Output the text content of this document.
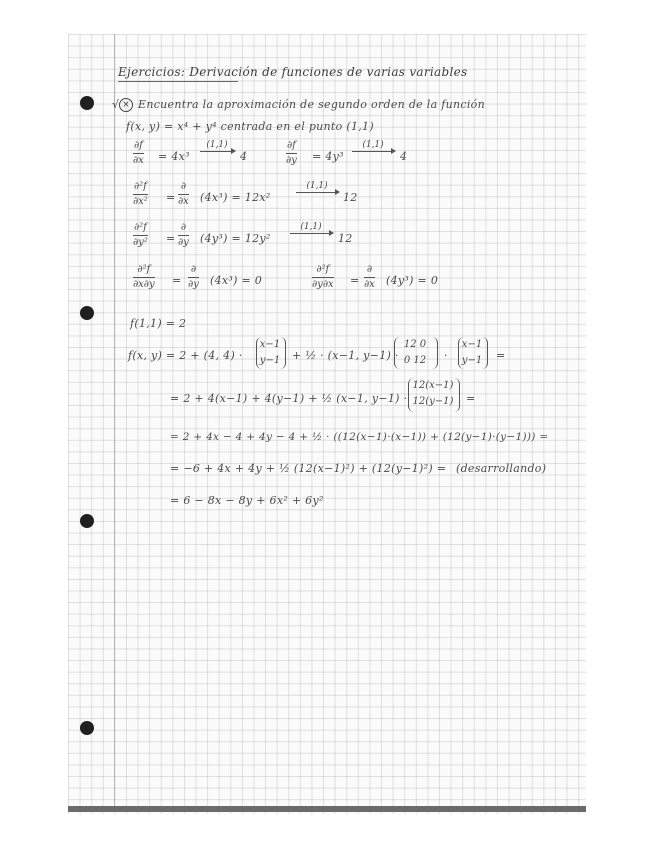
Ejercicios: Derivación de funciones de varias variables
√ × Encuentra la aproximación de segundo orden de la función
f(x, y) = x⁴ + y⁴ centrada en el punto (1,1)
∂f
∂x = 4x³
(1,1)
4
∂f
∂y = 4y³
(1,1)
4
∂²f
∂x² =
∂
∂x (4x³) = 12x²
(1,1)
12
∂²f
∂y² =
∂
∂y (4y³) = 12y²
(1,1)
12
∂²f
∂x∂y =
∂
∂y (4x³) = 0
∂²f
∂y∂x =
∂
∂x (4y³) = 0
f(1,1) = 2
f(x, y) = 2 + (4, 4) ·
x−1
y−1 + ½ · (x−1, y−1) ·
12 0
0 12 ·
x−1
y−1 =
= 2 + 4(x−1) + 4(y−1) + ½ (x−1, y−1) ·
12(x−1)
12(y−1) =
= 2 + 4x − 4 + 4y − 4 + ½ · ((12(x−1)·(x−1)) + (12(y−1)·(y−1))) =
= −6 + 4x + 4y + ½ (12(x−1)²) + (12(y−1)²) = (desarrollando)
= 6 − 8x − 8y + 6x² + 6y²
